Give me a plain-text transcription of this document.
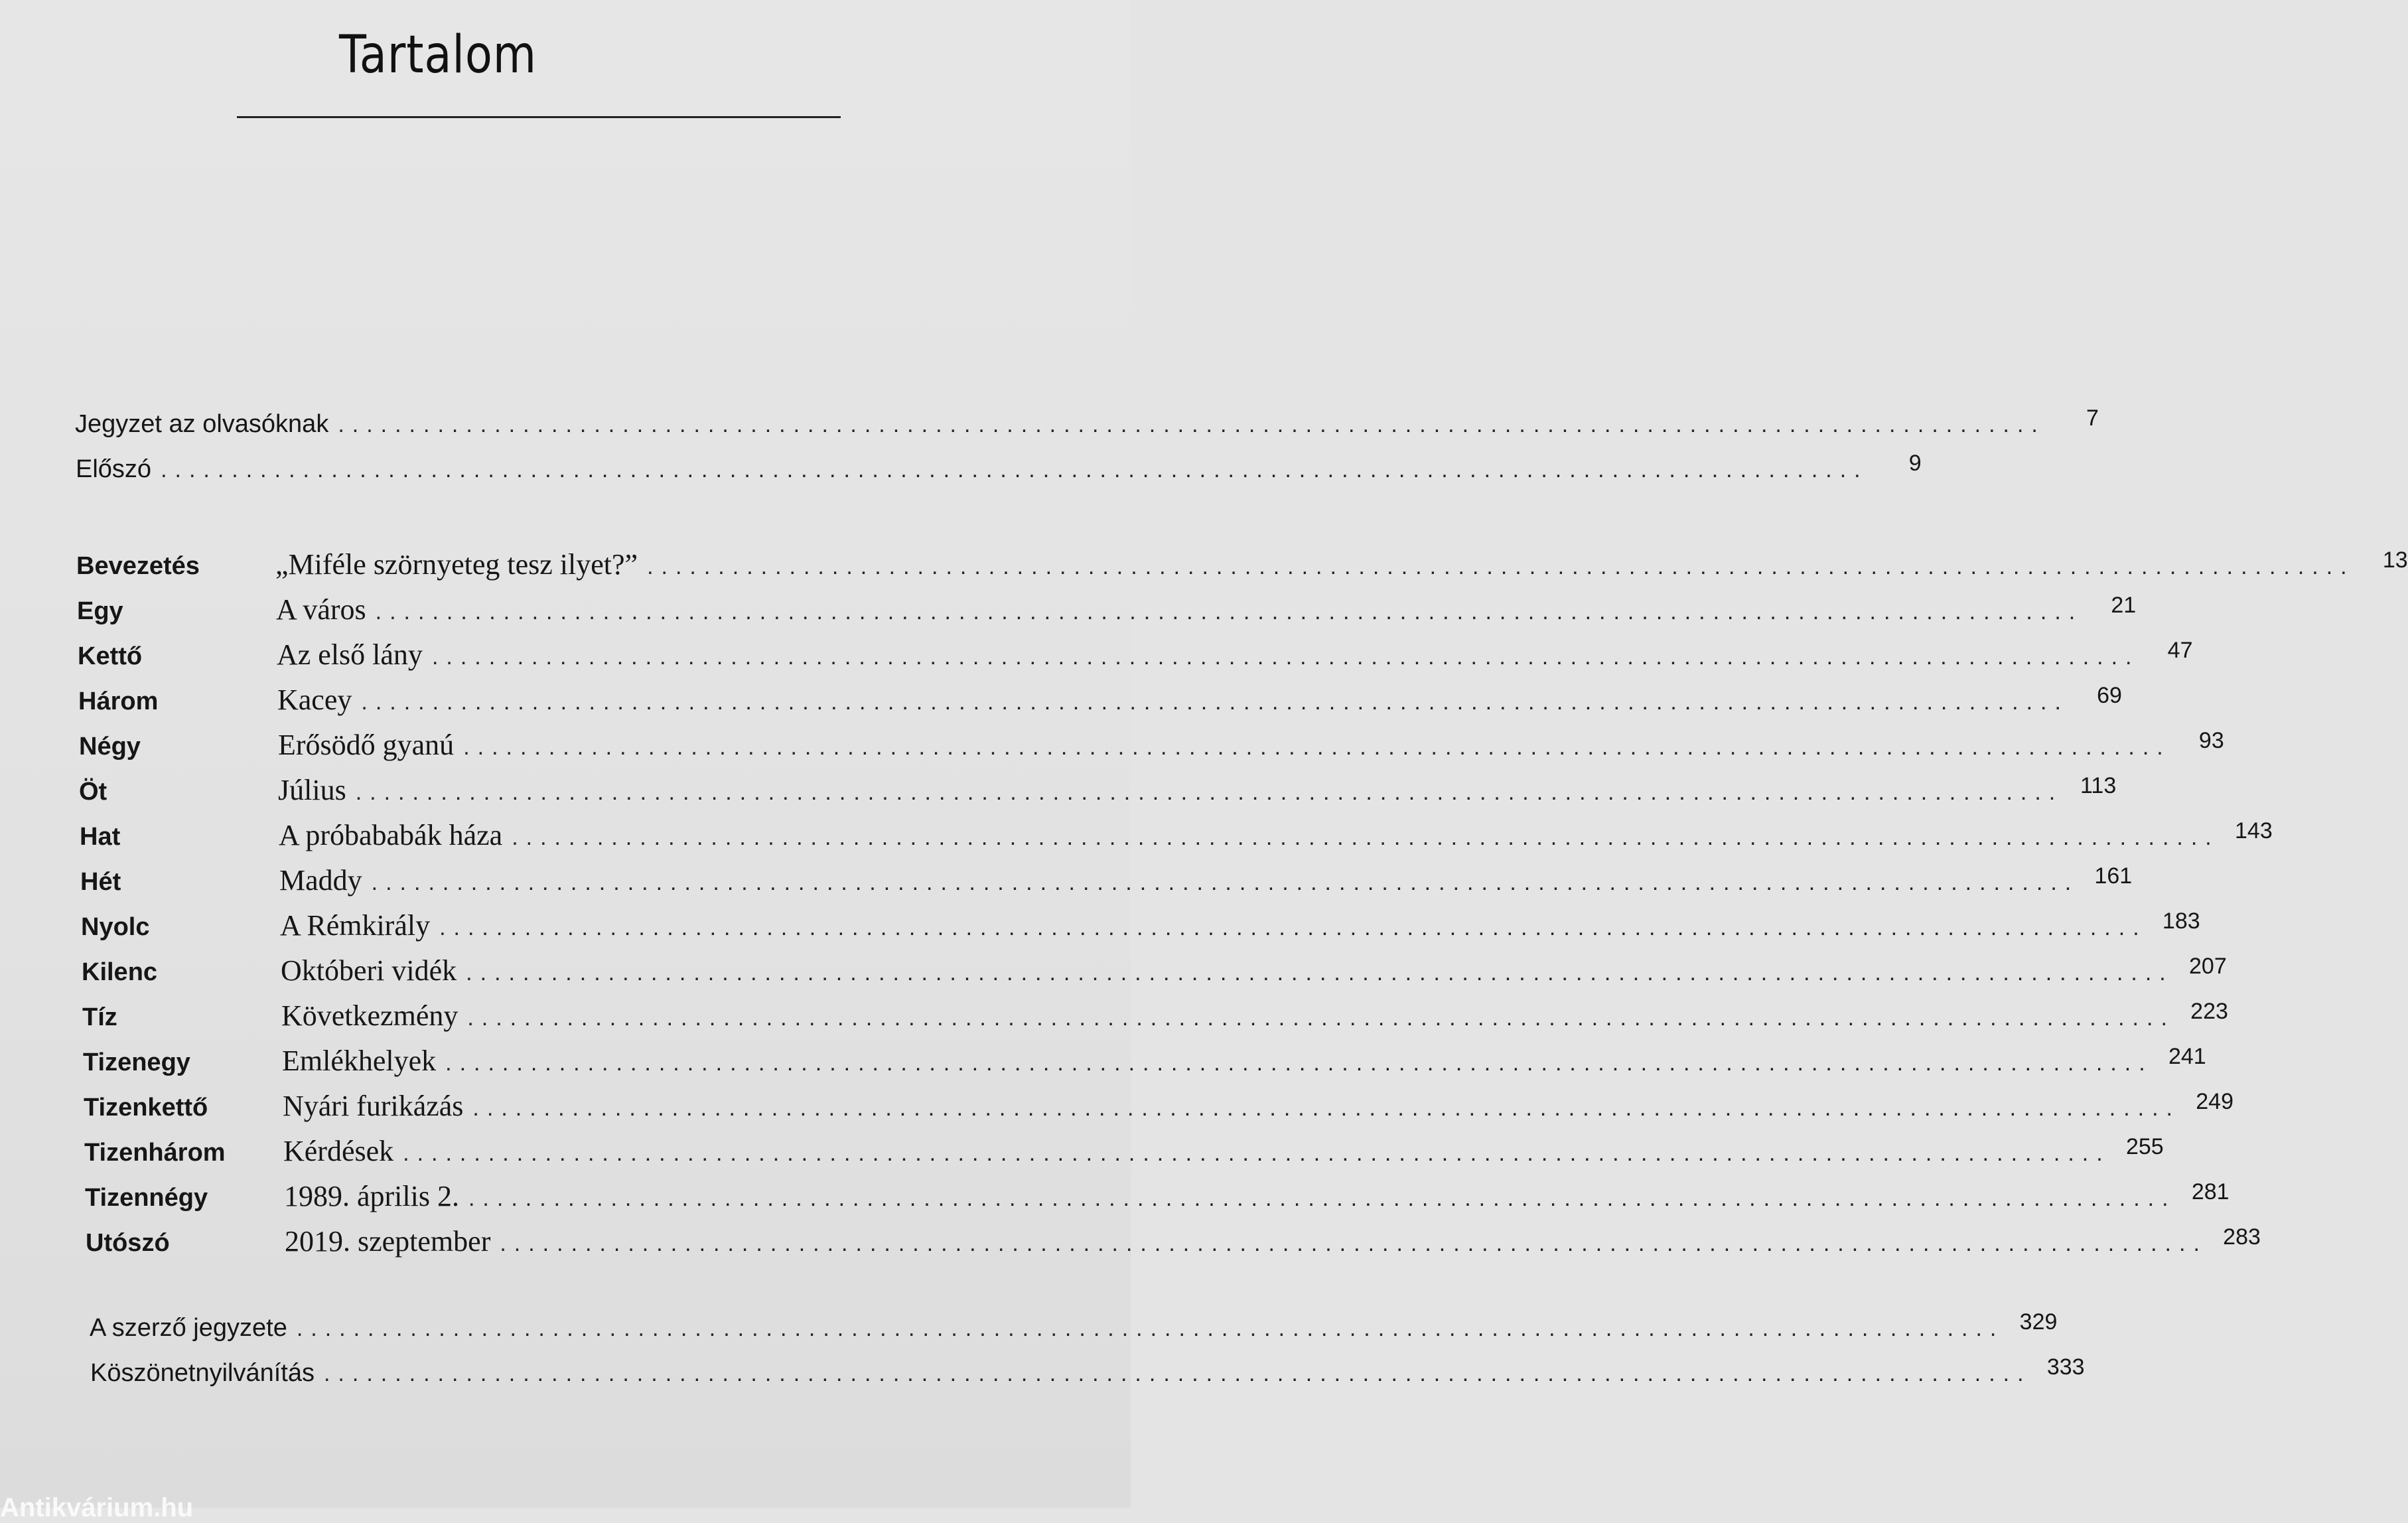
Tartalom
Jegyzet az olvasóknak ........................................................................................................................	7
Előszó ........................................................................................................................	9
Bevezetés	„Miféle szörnyeteg tesz ilyet?” ........................................................................................................................	13
Egy	A város ........................................................................................................................	21
Kettő	Az első lány ........................................................................................................................	47
Három	Kacey ........................................................................................................................	69
Négy	Erősödő gyanú ........................................................................................................................	93
Öt	Július ........................................................................................................................ 113
Hat	A próbababák háza ........................................................................................................................ 143
Hét	Maddy ........................................................................................................................ 161
Nyolc	A Rémkirály ........................................................................................................................ 183
Kilenc	Októberi vidék ........................................................................................................................ 207
Tíz	Következmény ........................................................................................................................ 223
Tizenegy	Emlékhelyek ........................................................................................................................ 241
Tizenkettő	Nyári furikázás ........................................................................................................................ 249
Tizenhárom	Kérdések ........................................................................................................................ 255
Tizennégy	1989. április 2. ........................................................................................................................ 281
Utószó	2019. szeptember ........................................................................................................................ 283
A szerző jegyzete ........................................................................................................................ 329
Köszönetnyilvánítás ........................................................................................................................ 333
Antikvárium.hu
